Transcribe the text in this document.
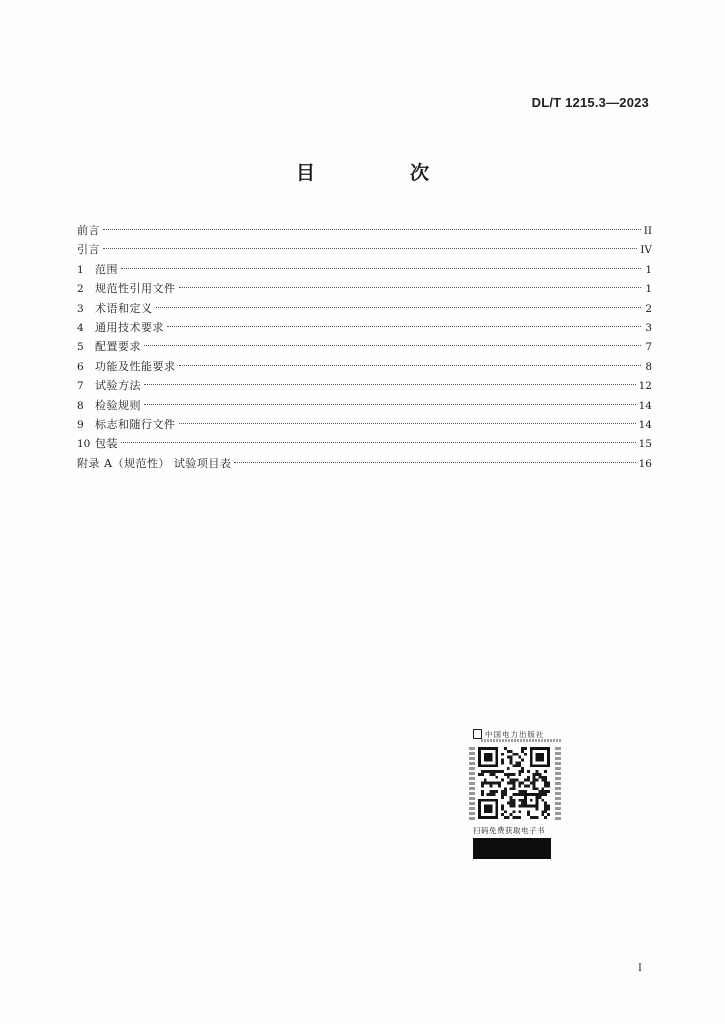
DL/T 1215.3—2023
目　次
前言	II
引言	IV
1	范围	1
2	规范性引用文件	1
3	术语和定义	2
4	通用技术要求	3
5	配置要求	7
6	功能及性能要求	8
7	试验方法	12
8	检验规则	14
9	标志和随行文件	14
10 包装	15
附录 A（规范性） 试验项目表	16
中国电力出版社
扫码免费获取电子书
I
